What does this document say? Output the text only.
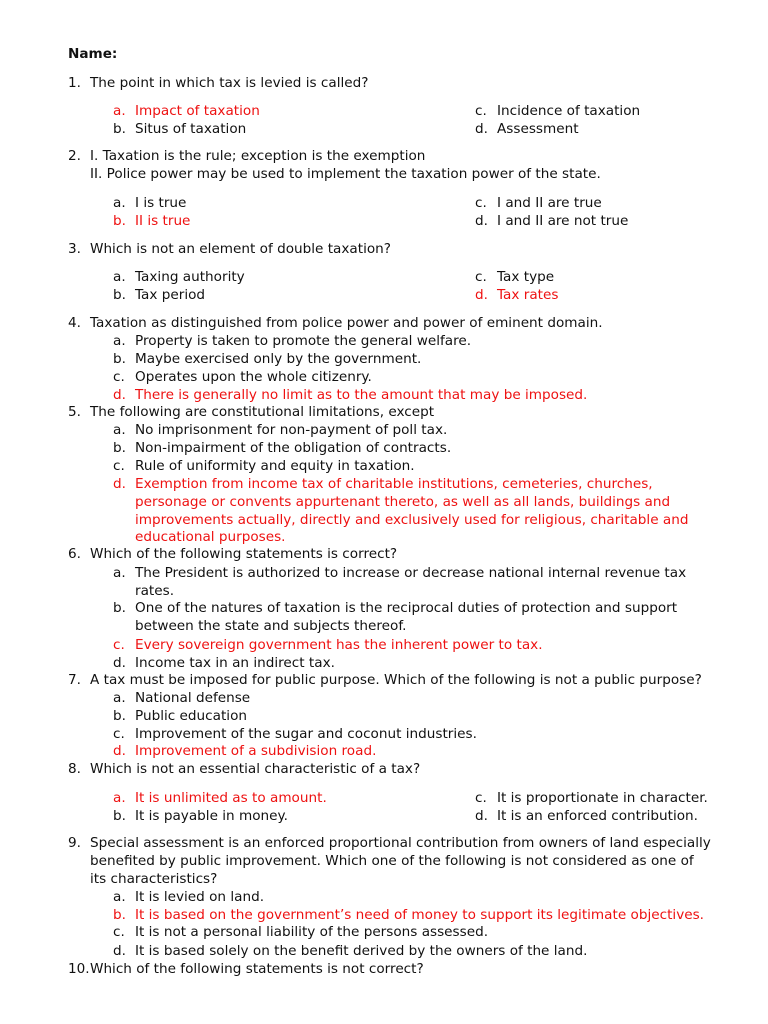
Name:
1. The point in which tax is levied is called?
a. Impact of taxation
b. Situs of taxation
c. Incidence of taxation
d. Assessment
2. I. Taxation is the rule; exception is the exemption
II. Police power may be used to implement the taxation power of the state.
a. I is true
b. II is true
c. I and II are true
d. I and II are not true
3. Which is not an element of double taxation?
a. Taxing authority
b. Tax period
c. Tax type
d. Tax rates
4. Taxation as distinguished from police power and power of eminent domain.
a. Property is taken to promote the general welfare.
b. Maybe exercised only by the government.
c. Operates upon the whole citizenry.
d. There is generally no limit as to the amount that may be imposed.
5. The following are constitutional limitations, except
a. No imprisonment for non-payment of poll tax.
b. Non-impairment of the obligation of contracts.
c. Rule of uniformity and equity in taxation.
d. Exemption from income tax of charitable institutions, cemeteries, churches,
personage or convents appurtenant thereto, as well as all lands, buildings and
improvements actually, directly and exclusively used for religious, charitable and
educational purposes.
6. Which of the following statements is correct?
a. The President is authorized to increase or decrease national internal revenue tax
rates.
b. One of the natures of taxation is the reciprocal duties of protection and support
between the state and subjects thereof.
c. Every sovereign government has the inherent power to tax.
d. Income tax in an indirect tax.
7. A tax must be imposed for public purpose. Which of the following is not a public purpose?
a. National defense
b. Public education
c. Improvement of the sugar and coconut industries.
d. Improvement of a subdivision road.
8. Which is not an essential characteristic of a tax?
a. It is unlimited as to amount.
b. It is payable in money.
c. It is proportionate in character.
d. It is an enforced contribution.
9. Special assessment is an enforced proportional contribution from owners of land especially
benefited by public improvement. Which one of the following is not considered as one of
its characteristics?
a. It is levied on land.
b. It is based on the government’s need of money to support its legitimate objectives.
c. It is not a personal liability of the persons assessed.
d. It is based solely on the benefit derived by the owners of the land.
10. Which of the following statements is not correct?
